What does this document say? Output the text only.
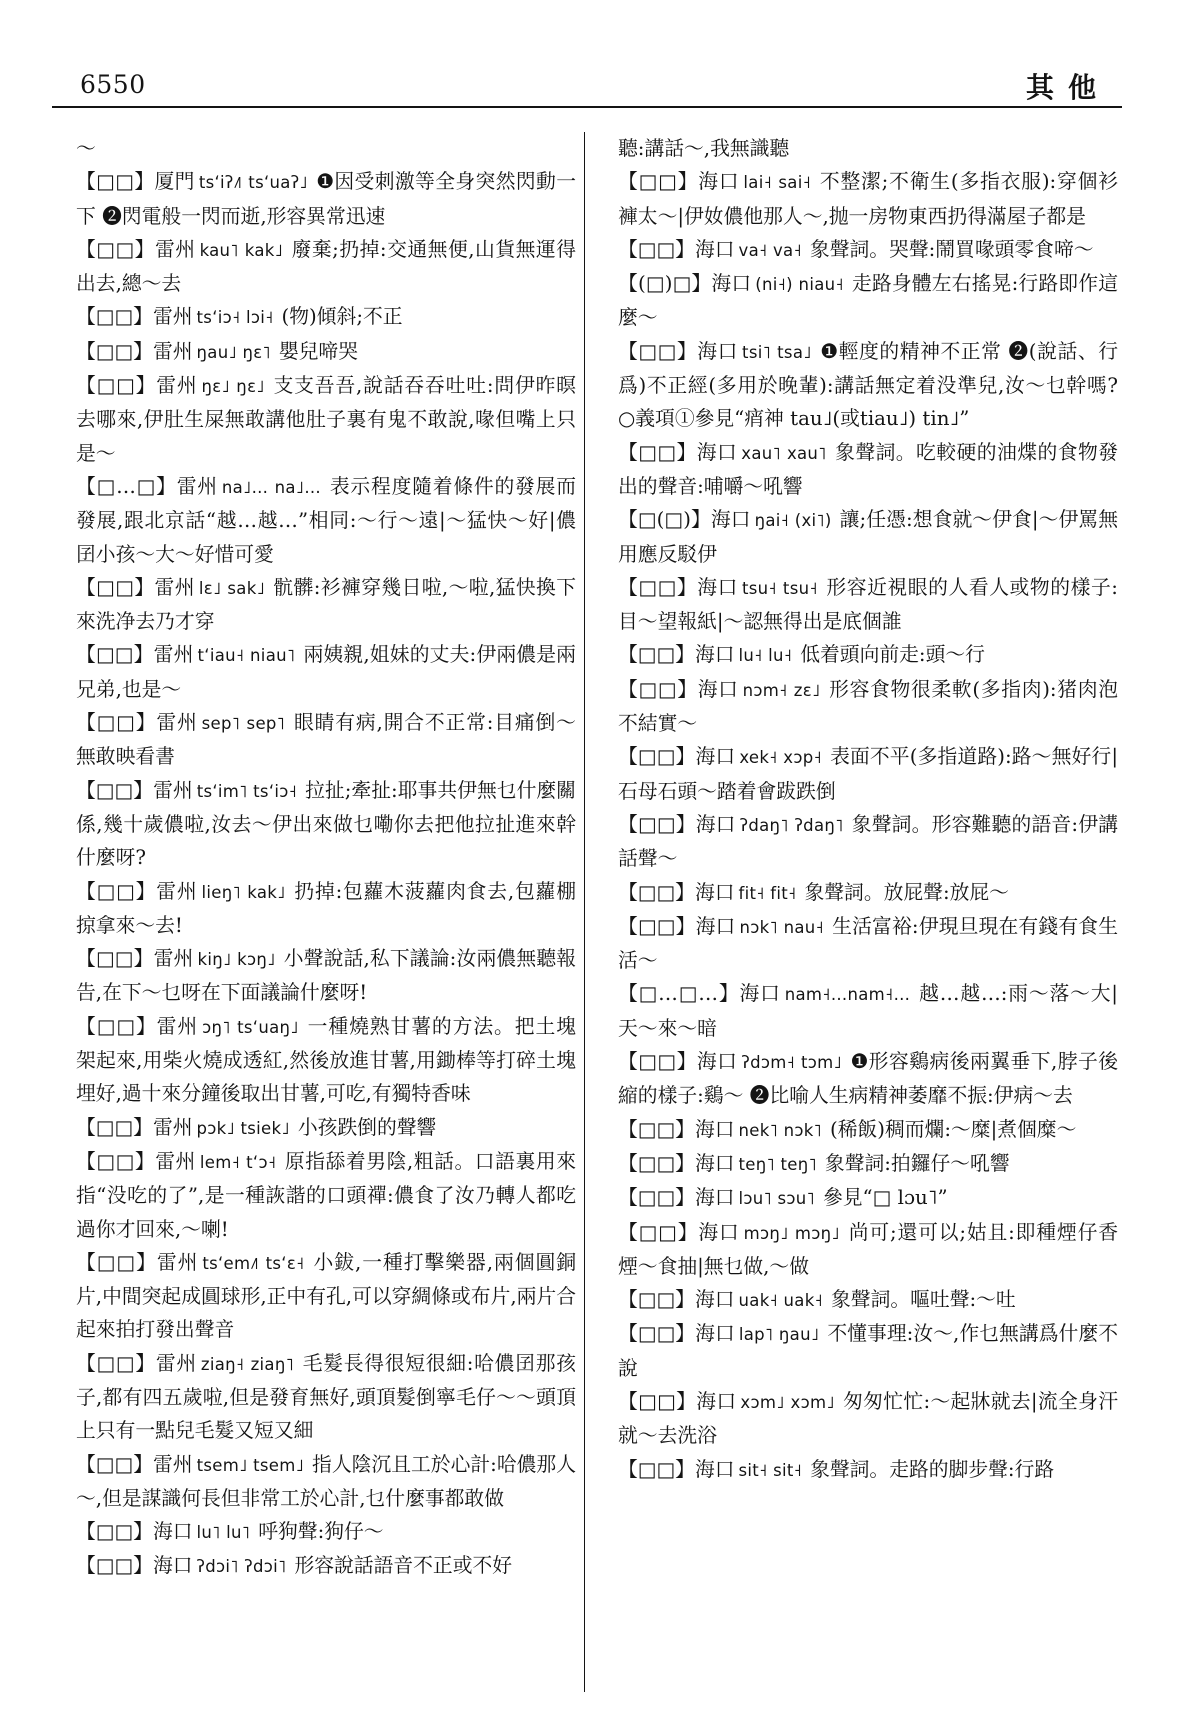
6550	其他

～

【□□】厦門 tsʻiʔ˩˥ tsʻuaʔ˩ ❶因受刺激等全身突然閃動一下 ❷閃電般一閃而逝,形容異常迅速

【□□】雷州 kau˥ kak˩ 廢棄;扔掉:交通無便,山貨無運得出去,總～去

【□□】雷州 tsʻiɔ˧ lɔi˧ (物)傾斜;不正

【□□】雷州 ŋau˩ ŋɛ˥ 嬰兒啼哭

【□□】雷州 ŋɛ˩ ŋɛ˩ 支支吾吾,說話吞吞吐吐:問伊昨暝去哪來,伊肚生屎無敢講他肚子裏有鬼不敢說,喙但嘴上只是～

【□…□】雷州 na˩… na˩… 表示程度隨着條件的發展而發展,跟北京話“越…越…”相同:～行～遠|～猛快～好|儂囝小孩～大～好惜可愛

【□□】雷州 lɛ˩ sak˩ 骯髒:衫褲穿幾日啦,～啦,猛快換下來洗净去乃才穿

【□□】雷州 tʻiau˧ niau˥ 兩姨親,姐妹的丈夫:伊兩儂是兩兄弟,也是～

【□□】雷州 sep˥ sep˥ 眼睛有病,開合不正常:目痛倒～無敢映看書

【□□】雷州 tsʻim˥ tsʻiɔ˧ 拉扯;牽扯:耶事共伊無乜什麼關係,幾十歲儂啦,汝去～伊出來做乜嘞你去把他拉扯進來幹什麼呀?

【□□】雷州 lieŋ˥ kak˩ 扔掉:包蘿木菠蘿肉食去,包蘿棚掠拿來～去!

【□□】雷州 kiŋ˩ kɔŋ˩ 小聲說話,私下議論:汝兩儂無聽報告,在下～乜呀在下面議論什麼呀!

【□□】雷州 ɔŋ˥ tsʻuaŋ˩ 一種燒熟甘薯的方法。把土塊架起來,用柴火燒成透紅,然後放進甘薯,用鋤棒等打碎土塊埋好,過十來分鐘後取出甘薯,可吃,有獨特香味

【□□】雷州 pɔk˩ tsiek˩ 小孩跌倒的聲響

【□□】雷州 lem˧ tʻɔ˧ 原指舔着男陰,粗話。口語裏用來指“没吃的了”,是一種詼諧的口頭禪:儂食了汝乃轉人都吃過你才回來,～喇!

【□□】雷州 tsʻem˩˥ tsʻɛ˧ 小鈸,一種打擊樂器,兩個圓銅片,中間突起成圓球形,正中有孔,可以穿綢條或布片,兩片合起來拍打發出聲音

【□□】雷州 ziaŋ˧ ziaŋ˥ 毛髮長得很短很細:哈儂囝那孩子,都有四五歲啦,但是發育無好,頭頂髮倒寧毛仔～～頭頂上只有一點兒毛髮又短又細

【□□】雷州 tsem˩ tsem˩ 指人陰沉且工於心計:哈儂那人～,但是謀識何長但非常工於心計,乜什麼事都敢做

【□□】海口 lu˥ lu˥ 呼狗聲:狗仔～

【□□】海口 ʔdɔi˥ ʔdɔi˥ 形容說話語音不正或不好

聽:講話～,我無識聽

【□□】海口 lai˧ sai˧ 不整潔;不衛生(多指衣服):穿個衫褲太～|伊奻儂他那人～,抛一房物東西扔得滿屋子都是

【□□】海口 va˧ va˧ 象聲詞。哭聲:鬧買喙頭零食啼～

【(□)□】海口 (ni˧) niau˧ 走路身體左右搖晃:行路即作這麼～

【□□】海口 tsi˥ tsa˩ ❶輕度的精神不正常 ❷(說話、行爲)不正經(多用於晚輩):講話無定着没準兒,汝～乜幹嗎? ○義項①參見“痟神 tau˩(或tiau˩) tin˩”

【□□】海口 xau˥ xau˥ 象聲詞。吃較硬的油煠的食物發出的聲音:哺嚼～吼響

【□(□)】海口 ŋai˧ (xi˥) 讓;任憑:想食就～伊食|～伊罵無用應反駁伊

【□□】海口 tsu˧ tsu˧ 形容近視眼的人看人或物的樣子:目～望報紙|～認無得出是底個誰

【□□】海口 lu˧ lu˧ 低着頭向前走:頭～行

【□□】海口 nɔm˧ zɛ˩ 形容食物很柔軟(多指肉):猪肉泡不結實～

【□□】海口 xek˧ xɔp˧ 表面不平(多指道路):路～無好行|石母石頭～踏着會跋跌倒

【□□】海口 ʔdaŋ˥ ʔdaŋ˥ 象聲詞。形容難聽的語音:伊講話聲～

【□□】海口 fit˧ fit˧ 象聲詞。放屁聲:放屁～

【□□】海口 nɔk˥ nau˧ 生活富裕:伊現旦現在有錢有食生活～

【□…□…】海口 nam˧…nam˧… 越…越…:雨～落～大|天～來～暗

【□□】海口 ʔdɔm˧ tɔm˩ ❶形容鷄病後兩翼垂下,脖子後縮的樣子:鷄～ ❷比喻人生病精神萎靡不振:伊病～去

【□□】海口 nek˥ nɔk˥ (稀飯)稠而爛:～糜|煮個糜～

【□□】海口 teŋ˥ teŋ˥ 象聲詞:拍鑼仔～吼響

【□□】海口 lɔu˥ sɔu˥ 參見“□ lɔu˥”

【□□】海口 mɔŋ˩ mɔŋ˩ 尚可;還可以;姑且:即種煙仔香煙～食抽|無乜做,～做

【□□】海口 uak˧ uak˧ 象聲詞。嘔吐聲:～吐

【□□】海口 lap˥ ŋau˩ 不懂事理:汝～,作乜無講爲什麼不說

【□□】海口 xɔm˩ xɔm˩ 匆匆忙忙:～起牀就去|流全身汗就～去洗浴

【□□】海口 sit˧ sit˧ 象聲詞。走路的脚步聲:行路
